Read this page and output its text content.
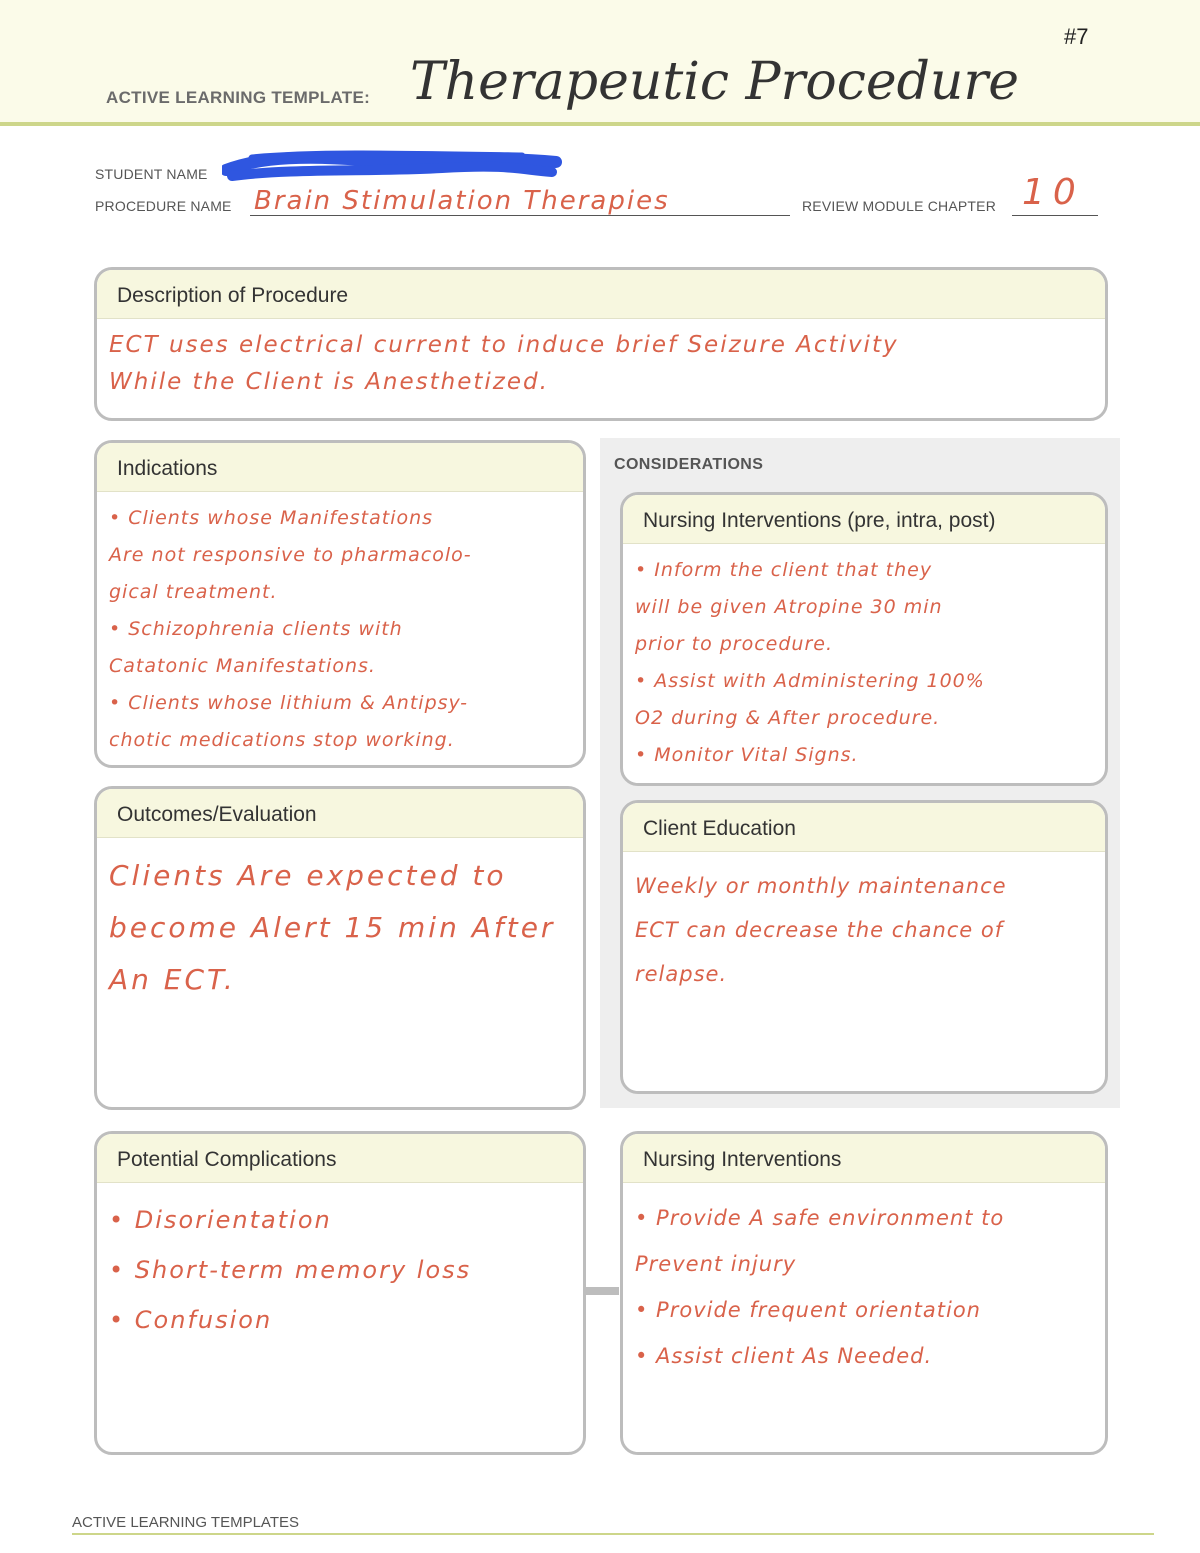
#7
ACTIVE LEARNING TEMPLATE: Therapeutic Procedure
STUDENT NAME
PROCEDURE NAME Brain Stimulation Therapies	REVIEW MODULE CHAPTER 10
Description of Procedure
ECT uses electrical current to induce brief Seizure Activity
While the Client is Anesthetized.
Indications
• Clients whose Manifestations
Are not responsive to pharmacolo-
gical treatment.
• Schizophrenia clients with
Catatonic Manifestations.
• Clients whose lithium & Antipsy-
chotic medications stop working.
Outcomes/Evaluation
Clients Are expected to
become Alert 15 min After
An ECT.
CONSIDERATIONS
Nursing Interventions (pre, intra, post)
• Inform the client that they
will be given Atropine 30 min
prior to procedure.
• Assist with Administering 100%
O2 during & After procedure.
• Monitor Vital Signs.
Client Education
Weekly or monthly maintenance
ECT can decrease the chance of
relapse.
Potential Complications
• Disorientation
• Short-term memory loss
• Confusion
Nursing Interventions
• Provide A safe environment to
Prevent injury
• Provide frequent orientation
• Assist client As Needed.
ACTIVE LEARNING TEMPLATES
